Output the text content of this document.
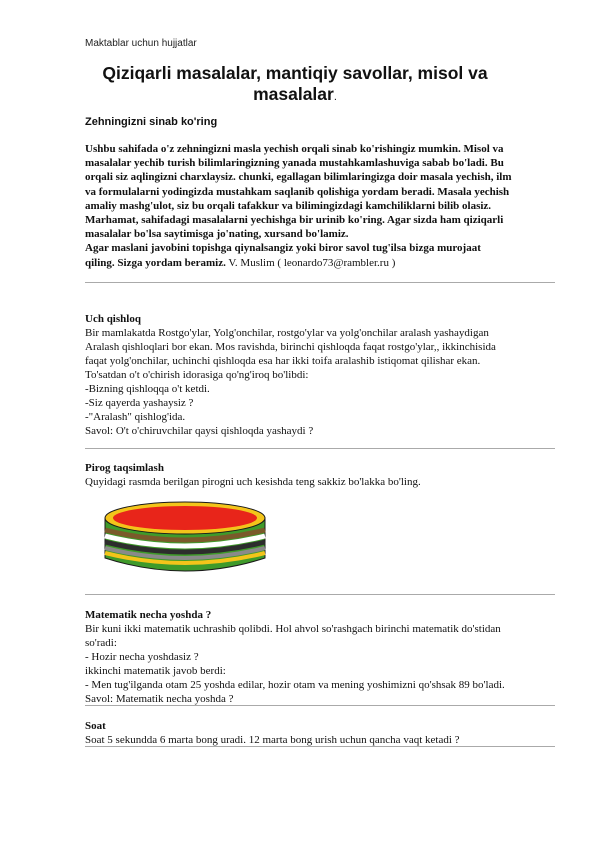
Maktablar uchun hujjatlar
Qiziqarli masalalar, mantiqiy savollar, misol va masalalar.
Zehningizni sinab ko'ring
Ushbu sahifada o'z zehningizni masla yechish orqali sinab ko'rishingiz mumkin. Misol va
masalalar yechib turish bilimlaringizning yanada mustahkamlashuviga sabab bo'ladi. Bu
orqali siz aqlingizni charxlaysiz. chunki, egallagan bilimlaringizga doir masala yechish, ilm
va formulalarni yodingizda mustahkam saqlanib qolishiga yordam beradi. Masala yechish
amaliy mashg'ulot, siz bu orqali tafakkur va bilimingizdagi kamchiliklarni bilib olasiz.
Marhamat, sahifadagi masalalarni yechishga bir urinib ko'ring. Agar sizda ham qiziqarli
masalalar bo'lsa saytimisga jo'nating, xursand bo'lamiz.
Agar maslani javobini topishga qiynalsangiz yoki biror savol tug'ilsa bizga murojaat
qiling. Sizga yordam beramiz. V. Muslim ( leonardo73@rambler.ru )
Uch qishloq
Bir mamlakatda Rostgo'ylar, Yolg'onchilar, rostgo'ylar va yolg'onchilar aralash yashaydigan
Aralash qishloqlari bor ekan. Mos ravishda, birinchi qishloqda faqat rostgo'ylar,, ikkinchisida
faqat yolg'onchilar, uchinchi qishloqda esa har ikki toifa aralashib istiqomat qilishar ekan.
To'satdan o't o'chirish idorasiga qo'ng'iroq bo'libdi:
-Bizning qishloqqa o't ketdi.
-Siz qayerda yashaysiz ?
-"Aralash" qishlog'ida.
Savol: O't o'chiruvchilar qaysi qishloqda yashaydi ?
Pirog taqsimlash
Quyidagi rasmda berilgan pirogni uch kesishda teng sakkiz bo'lakka bo'ling.
Matematik necha yoshda ?
Bir kuni ikki matematik uchrashib qolibdi. Hol ahvol so'rashgach birinchi matematik do'stidan
so'radi:
- Hozir necha yoshdasiz ?
ikkinchi matematik javob berdi:
- Men tug'ilganda otam 25 yoshda edilar, hozir otam va mening yoshimizni qo'shsak 89 bo'ladi.
Savol: Matematik necha yoshda ?
Soat
Soat 5 sekundda 6 marta bong uradi. 12 marta bong urish uchun qancha vaqt ketadi ?
